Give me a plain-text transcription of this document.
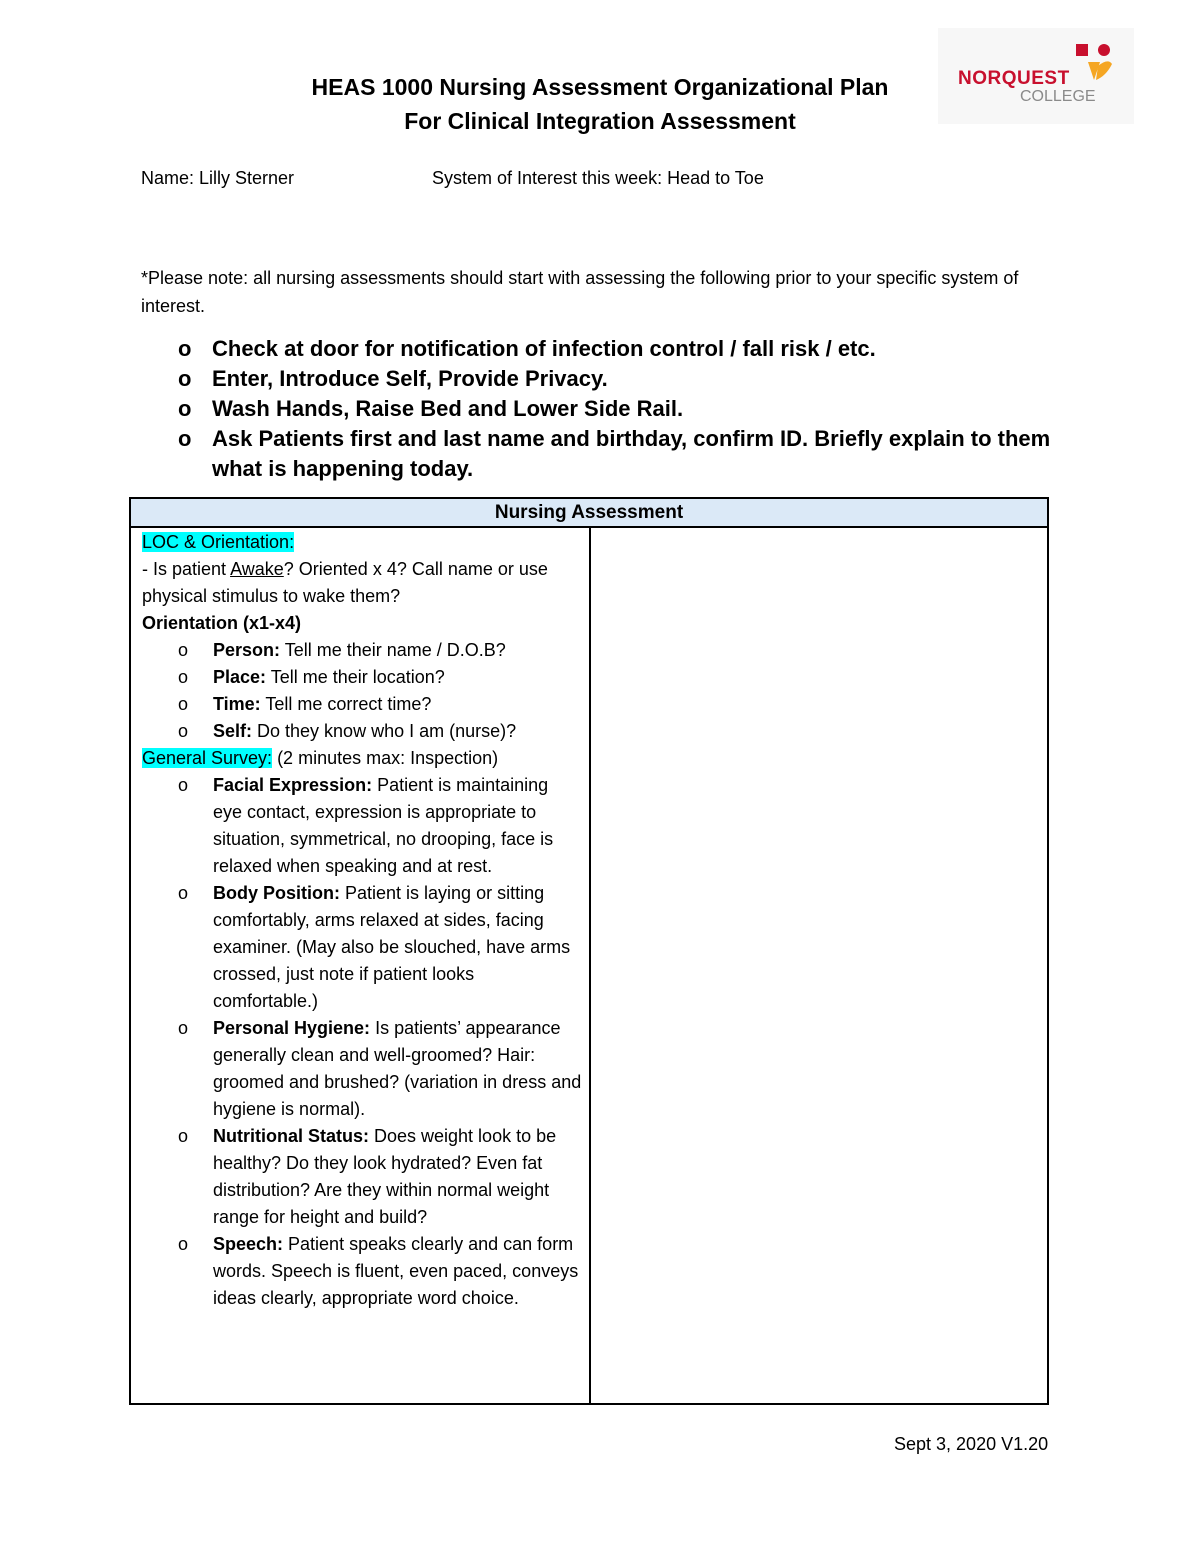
HEAS 1000 Nursing Assessment Organizational Plan
For Clinical Integration Assessment
NORQUEST
COLLEGE
Name: Lilly Sterner	System of Interest this week: Head to Toe
*Please note: all nursing assessments should start with assessing the following prior to your specific system of interest.
o Check at door for notification of infection control / fall risk / etc.
o Enter, Introduce Self, Provide Privacy.
o Wash Hands, Raise Bed and Lower Side Rail.
o Ask Patients first and last name and birthday, confirm ID. Briefly explain to them what is happening today.
Nursing Assessment
LOC & Orientation:
- Is patient Awake? Oriented x 4? Call name or use physical stimulus to wake them?
Orientation (x1-x4)
o Person: Tell me their name / D.O.B?
o Place: Tell me their location?
o Time: Tell me correct time?
o Self: Do they know who I am (nurse)?
General Survey: (2 minutes max: Inspection)
o Facial Expression: Patient is maintaining eye contact, expression is appropriate to situation, symmetrical, no drooping, face is relaxed when speaking and at rest.
o Body Position: Patient is laying or sitting comfortably, arms relaxed at sides, facing examiner. (May also be slouched, have arms crossed, just note if patient looks comfortable.)
o Personal Hygiene: Is patients’ appearance generally clean and well-groomed? Hair: groomed and brushed? (variation in dress and hygiene is normal).
o Nutritional Status: Does weight look to be healthy? Do they look hydrated? Even fat distribution? Are they within normal weight range for height and build?
o Speech: Patient speaks clearly and can form words. Speech is fluent, even paced, conveys ideas clearly, appropriate word choice.
Sept 3, 2020 V1.20
